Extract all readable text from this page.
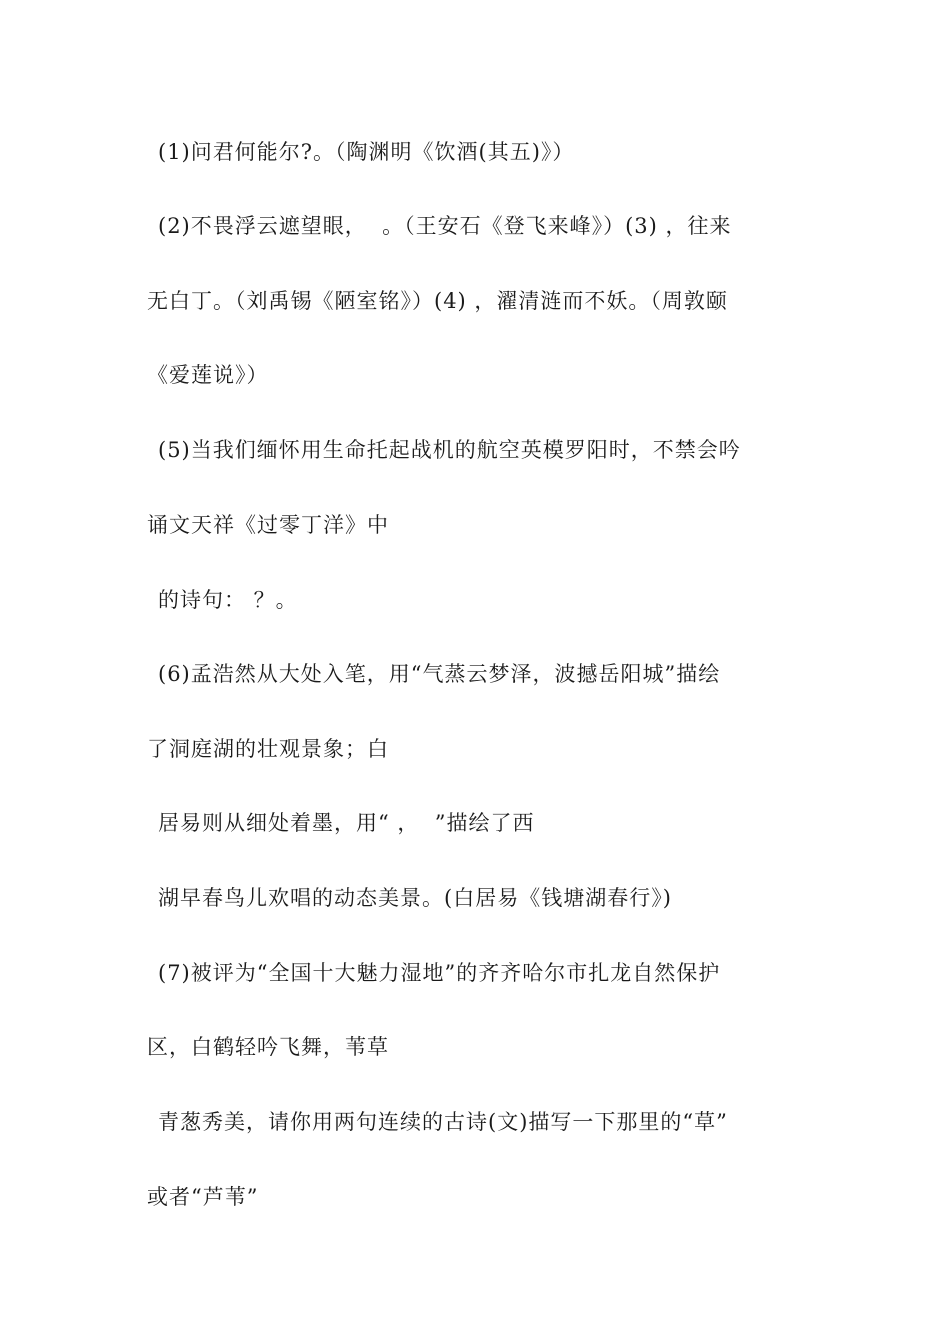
(1)问君何能尔?。（陶渊明《饮酒(其五)》）
(2)不畏浮云遮望眼，  。（王安石《登飞来峰》）(3) ，往来
无白丁。（刘禹锡《陋室铭》）(4) ，濯清涟而不妖。（周敦颐
《爱莲说》）
(5)当我们缅怀用生命托起战机的航空英模罗阳时，不禁会吟
诵文天祥《过零丁洋》中
的诗句： ？。
(6)孟浩然从大处入笔，用“气蒸云梦泽，波撼岳阳城”描绘
了洞庭湖的壮观景象；白
居易则从细处着墨，用“ ，  ”描绘了西
湖早春鸟儿欢唱的动态美景。(白居易《钱塘湖春行》)
(7)被评为“全国十大魅力湿地”的齐齐哈尔市扎龙自然保护
区，白鹤轻吟飞舞，苇草
青葱秀美，请你用两句连续的古诗(文)描写一下那里的“草”
或者“芦苇”
